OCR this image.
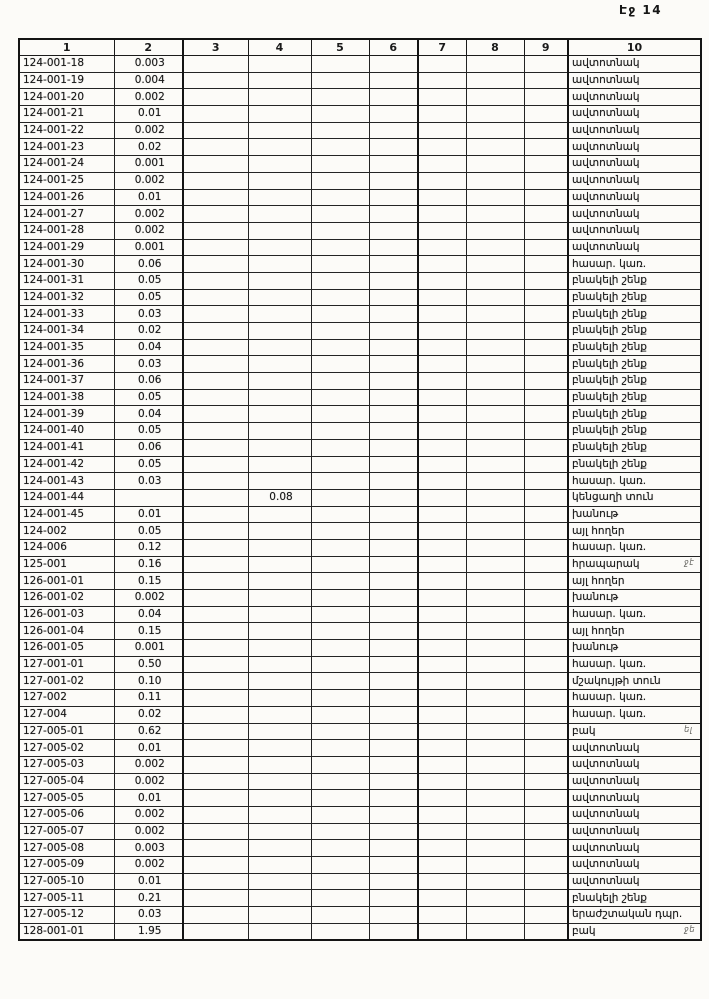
Էջ 14
1	2	3	4	5	6	7	8	9	10
124-001-18	0.003								ավտոտնակ
124-001-19	0.004								ավտոտնակ
124-001-20	0.002								ավտոտնակ
124-001-21	0.01								ավտոտնակ
124-001-22	0.002								ավտոտնակ
124-001-23	0.02								ավտոտնակ
124-001-24	0.001								ավտոտնակ
124-001-25	0.002								ավտոտնակ
124-001-26	0.01								ավտոտնակ
124-001-27	0.002								ավտոտնակ
124-001-28	0.002								ավտոտնակ
124-001-29	0.001								ավտոտնակ
124-001-30	0.06								հասար. կառ.
124-001-31	0.05								բնակելի շենք
124-001-32	0.05								բնակելի շենք
124-001-33	0.03								բնակելի շենք
124-001-34	0.02								բնակելի շենք
124-001-35	0.04								բնակելի շենք
124-001-36	0.03								բնակելի շենք
124-001-37	0.06								բնակելի շենք
124-001-38	0.05								բնակելի շենք
124-001-39	0.04								բնակելի շենք
124-001-40	0.05								բնակելի շենք
124-001-41	0.06								բնակելի շենք
124-001-42	0.05								բնակելի շենք
124-001-43	0.03								հասար. կառ.
124-001-44			0.08						կենցաղի տուն
124-001-45	0.01								խանութ
124-002	0.05								այլ հողեր
124-006	0.12								հասար. կառ.
125-001	0.16								հրապարակ
126-001-01	0.15								այլ հողեր
126-001-02	0.002								խանութ
126-001-03	0.04								հասար. կառ.
126-001-04	0.15								այլ հողեր
126-001-05	0.001								խանութ
127-001-01	0.50								հասար. կառ.
127-001-02	0.10								մշակույթի տուն
127-002	0.11								հասար. կառ.
127-004	0.02								հասար. կառ.
127-005-01	0.62								բակ
127-005-02	0.01								ավտոտնակ
127-005-03	0.002								ավտոտնակ
127-005-04	0.002								ավտոտնակ
127-005-05	0.01								ավտոտնակ
127-005-06	0.002								ավտոտնակ
127-005-07	0.002								ավտոտնակ
127-005-08	0.003								ավտոտնակ
127-005-09	0.002								ավտոտնակ
127-005-10	0.01								ավտոտնակ
127-005-11	0.21								բնակելի շենք
127-005-12	0.03								երաժշտական դպր.
128-001-01	1.95								բակ
ջէ
ել
ջե
